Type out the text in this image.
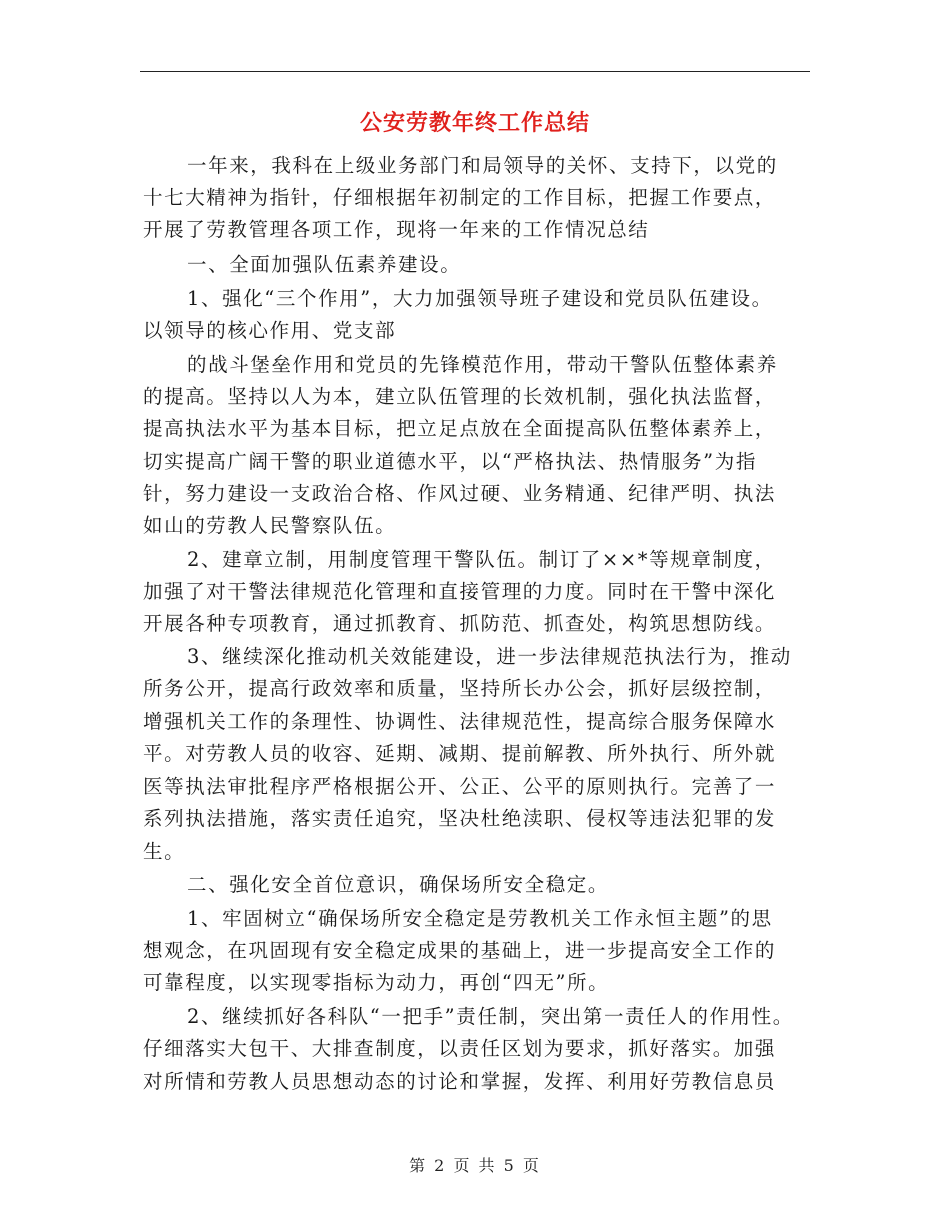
公安劳教年终工作总结
一年来，我科在上级业务部门和局领导的关怀、支持下，以党的
十七大精神为指针，仔细根据年初制定的工作目标，把握工作要点，
开展了劳教管理各项工作，现将一年来的工作情况总结
一、全面加强队伍素养建设。
1、强化“三个作用”，大力加强领导班子建设和党员队伍建设。
以领导的核心作用、党支部
的战斗堡垒作用和党员的先锋模范作用，带动干警队伍整体素养
的提高。坚持以人为本，建立队伍管理的长效机制，强化执法监督，
提高执法水平为基本目标，把立足点放在全面提高队伍整体素养上，
切实提高广阔干警的职业道德水平，以“严格执法、热情服务”为指
针，努力建设一支政治合格、作风过硬、业务精通、纪律严明、执法
如山的劳教人民警察队伍。
2、建章立制，用制度管理干警队伍。制订了××*等规章制度，
加强了对干警法律规范化管理和直接管理的力度。同时在干警中深化
开展各种专项教育，通过抓教育、抓防范、抓查处，构筑思想防线。
3、继续深化推动机关效能建设，进一步法律规范执法行为，推动
所务公开，提高行政效率和质量，坚持所长办公会，抓好层级控制，
增强机关工作的条理性、协调性、法律规范性，提高综合服务保障水
平。对劳教人员的收容、延期、减期、提前解教、所外执行、所外就
医等执法审批程序严格根据公开、公正、公平的原则执行。完善了一
系列执法措施，落实责任追究，坚决杜绝渎职、侵权等违法犯罪的发
生。
二、强化安全首位意识，确保场所安全稳定。
1、牢固树立“确保场所安全稳定是劳教机关工作永恒主题”的思
想观念，在巩固现有安全稳定成果的基础上，进一步提高安全工作的
可靠程度，以实现零指标为动力，再创“四无”所。
2、继续抓好各科队“一把手”责任制，突出第一责任人的作用性。
仔细落实大包干、大排查制度，以责任区划为要求，抓好落实。加强
对所情和劳教人员思想动态的讨论和掌握，发挥、利用好劳教信息员
第 2 页 共 5 页
